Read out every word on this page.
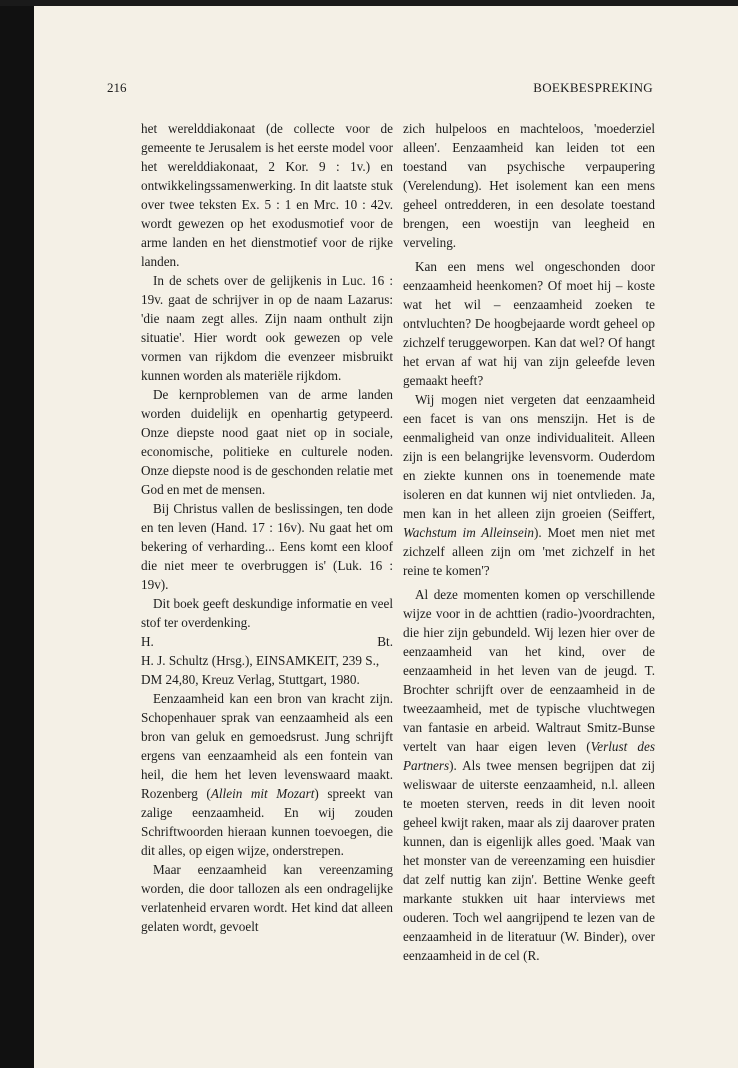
216	BOEKBESPREKING

het werelddiakonaat (de collecte voor de gemeente te Jerusalem is het eerste model voor het werelddiakonaat, 2 Kor. 9 : 1v.) en ontwikkelingssamenwerking. In dit laatste stuk over twee teksten Ex. 5 : 1 en Mrc. 10 : 42v. wordt gewezen op het exodusmotief voor de arme landen en het dienstmotief voor de rijke landen.

In de schets over de gelijkenis in Luc. 16 : 19v. gaat de schrijver in op de naam Lazarus: 'die naam zegt alles. Zijn naam onthult zijn situatie'. Hier wordt ook gewezen op vele vormen van rijkdom die evenzeer misbruikt kunnen worden als materiële rijkdom.

De kernproblemen van de arme landen worden duidelijk en openhartig getypeerd. Onze diepste nood gaat niet op in sociale, economische, politieke en culturele noden. Onze diepste nood is de geschonden relatie met God en met de mensen.

Bij Christus vallen de beslissingen, ten dode en ten leven (Hand. 17 : 16v). Nu gaat het om bekering of verharding... Eens komt een kloof die niet meer te overbruggen is' (Luk. 16 : 19v).

Dit boek geeft deskundige informatie en veel stof ter overdenking.

H.	Bt.

H. J. Schultz (Hrsg.), EINSAMKEIT, 239 S., DM 24,80, Kreuz Verlag, Stuttgart, 1980.

Eenzaamheid kan een bron van kracht zijn. Schopenhauer sprak van eenzaamheid als een bron van geluk en gemoedsrust. Jung schrijft ergens van eenzaamheid als een fontein van heil, die hem het leven levenswaard maakt. Rozenberg (Allein mit Mozart) spreekt van zalige eenzaamheid. En wij zouden Schriftwoorden hieraan kunnen toevoegen, die dit alles, op eigen wijze, onderstrepen.

Maar eenzaamheid kan vereenzaming worden, die door tallozen als een ondragelijke verlatenheid ervaren wordt. Het kind dat alleen gelaten wordt, gevoelt

zich hulpeloos en machteloos, 'moederziel alleen'. Eenzaamheid kan leiden tot een toestand van psychische verpaupering (Verelendung). Het isolement kan een mens geheel ontredderen, in een desolate toestand brengen, een woestijn van leegheid en verveling.

Kan een mens wel ongeschonden door eenzaamheid heenkomen? Of moet hij – koste wat het wil – eenzaamheid zoeken te ontvluchten? De hoogbejaarde wordt geheel op zichzelf teruggeworpen. Kan dat wel? Of hangt het ervan af wat hij van zijn geleefde leven gemaakt heeft?

Wij mogen niet vergeten dat eenzaamheid een facet is van ons menszijn. Het is de eenmaligheid van onze individualiteit. Alleen zijn is een belangrijke levensvorm. Ouderdom en ziekte kunnen ons in toenemende mate isoleren en dat kunnen wij niet ontvlieden. Ja, men kan in het alleen zijn groeien (Seiffert, Wachstum im Alleinsein). Moet men niet met zichzelf alleen zijn om 'met zichzelf in het reine te komen'?

Al deze momenten komen op verschillende wijze voor in de achttien (radio-)voordrachten, die hier zijn gebundeld. Wij lezen hier over de eenzaamheid van het kind, over de eenzaamheid in het leven van de jeugd. T. Brochter schrijft over de eenzaamheid in de tweezaamheid, met de typische vluchtwegen van fantasie en arbeid. Waltraut Smitz-Bunse vertelt van haar eigen leven (Verlust des Partners). Als twee mensen begrijpen dat zij weliswaar de uiterste eenzaamheid, n.l. alleen te moeten sterven, reeds in dit leven nooit geheel kwijt raken, maar als zij daarover praten kunnen, dan is eigenlijk alles goed. 'Maak van het monster van de vereenzaming een huisdier dat zelf nuttig kan zijn'. Bettine Wenke geeft markante stukken uit haar interviews met ouderen. Toch wel aangrijpend te lezen van de eenzaamheid in de literatuur (W. Binder), over eenzaamheid in de cel (R.
